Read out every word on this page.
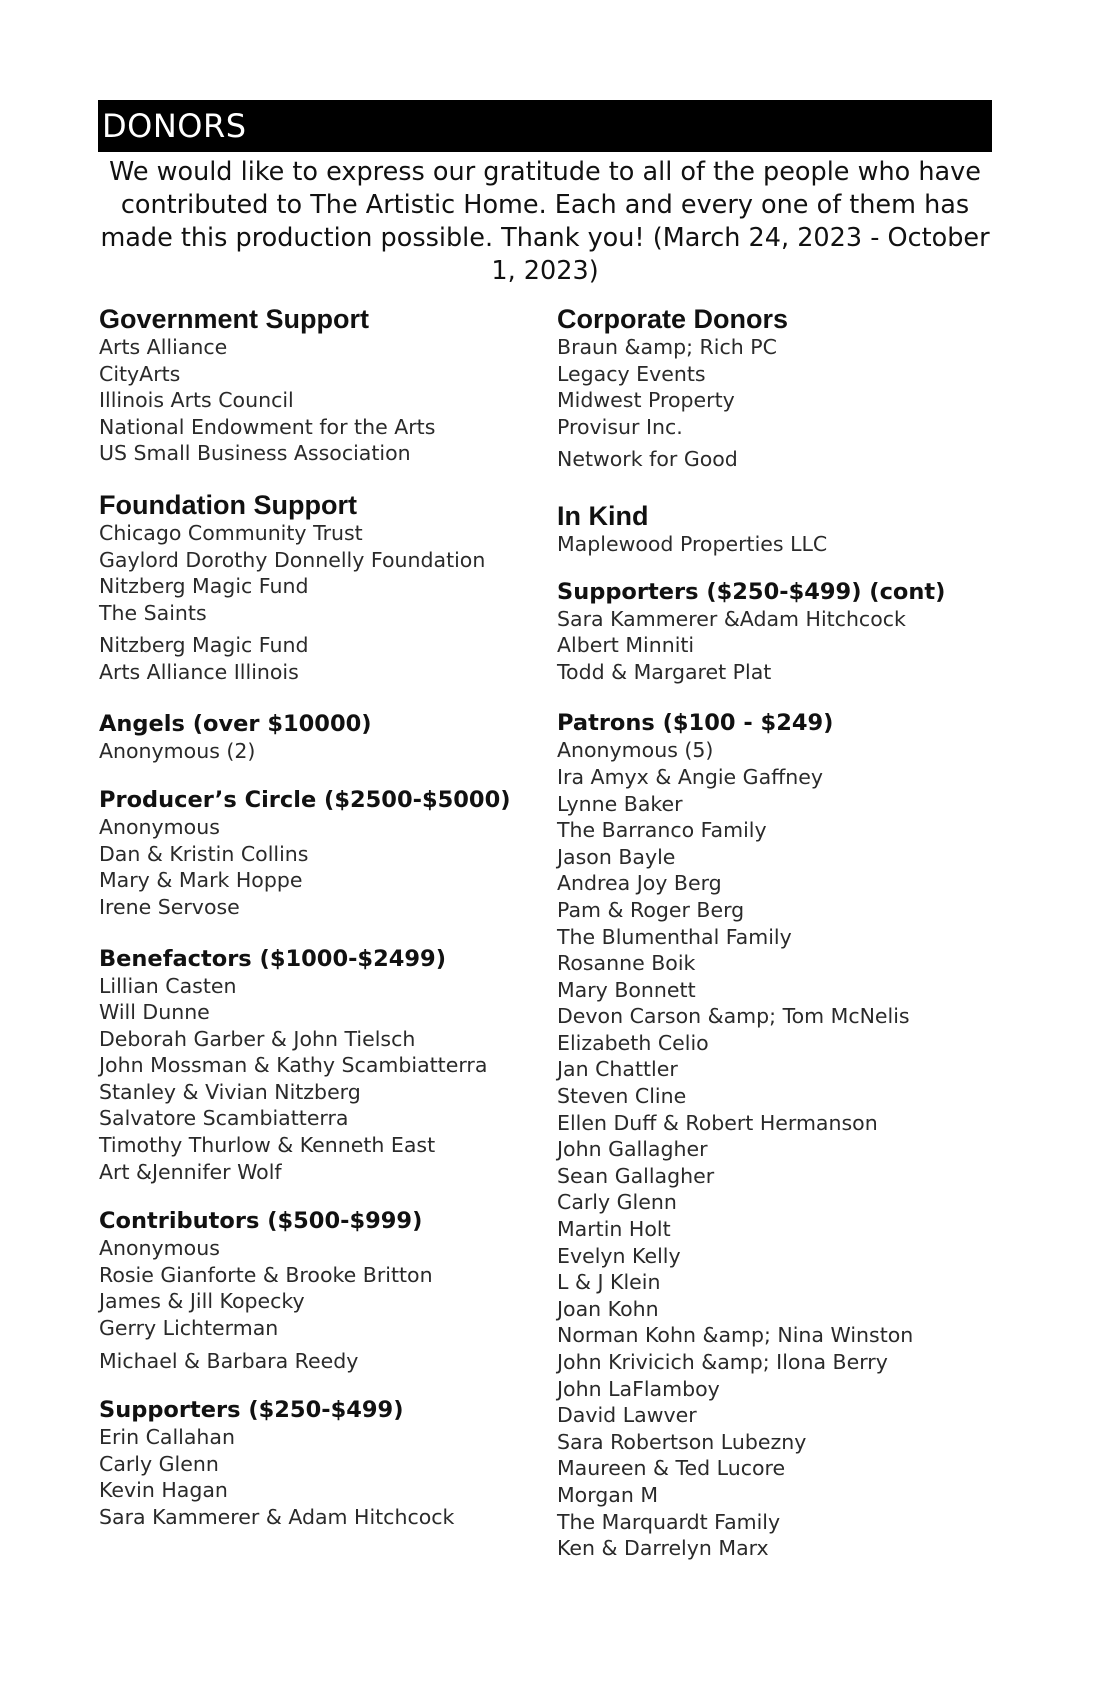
DONORS
We would like to express our gratitude to all of the people who have contributed to The Artistic Home. Each and every one of them has made this production possible. Thank you! (March 24, 2023 - October 1, 2023)
Government Support
Arts Alliance
CityArts
Illinois Arts Council
National Endowment for the Arts
US Small Business Association
Foundation Support
Chicago Community Trust
Gaylord Dorothy Donnelly Foundation
Nitzberg Magic Fund
The Saints
Nitzberg Magic Fund
Arts Alliance Illinois
Angels (over $10000)
Anonymous (2)
Producer’s Circle ($2500-$5000)
Anonymous
Dan & Kristin Collins
Mary & Mark Hoppe
Irene Servose
Benefactors ($1000-$2499)
Lillian Casten
Will Dunne
Deborah Garber & John Tielsch
John Mossman & Kathy Scambiatterra
Stanley & Vivian Nitzberg
Salvatore Scambiatterra
Timothy Thurlow & Kenneth East
Art &Jennifer Wolf
Contributors ($500-$999)
Anonymous
Rosie Gianforte & Brooke Britton
James & Jill Kopecky
Gerry Lichterman
Michael & Barbara Reedy
Supporters ($250-$499)
Erin Callahan
Carly Glenn
Kevin Hagan
Sara Kammerer & Adam Hitchcock
Corporate Donors
Braun &amp; Rich PC
Legacy Events
Midwest Property
Provisur Inc.
Network for Good
In Kind
Maplewood Properties LLC
Supporters ($250-$499) (cont)
Sara Kammerer &Adam Hitchcock
Albert Minniti
Todd & Margaret Plat
Patrons ($100 - $249)
Anonymous (5)
Ira Amyx & Angie Gaffney
Lynne Baker
The Barranco Family
Jason Bayle
Andrea Joy Berg
Pam & Roger Berg
The Blumenthal Family
Rosanne Boik
Mary Bonnett
Devon Carson &amp; Tom McNelis
Elizabeth Celio
Jan Chattler
Steven Cline
Ellen Duff & Robert Hermanson
John Gallagher
Sean Gallagher
Carly Glenn
Martin Holt
Evelyn Kelly
L & J Klein
Joan Kohn
Norman Kohn &amp; Nina Winston
John Krivicich &amp; Ilona Berry
John LaFlamboy
David Lawver
Sara Robertson Lubezny
Maureen & Ted Lucore
Morgan M
The Marquardt Family
Ken & Darrelyn Marx
